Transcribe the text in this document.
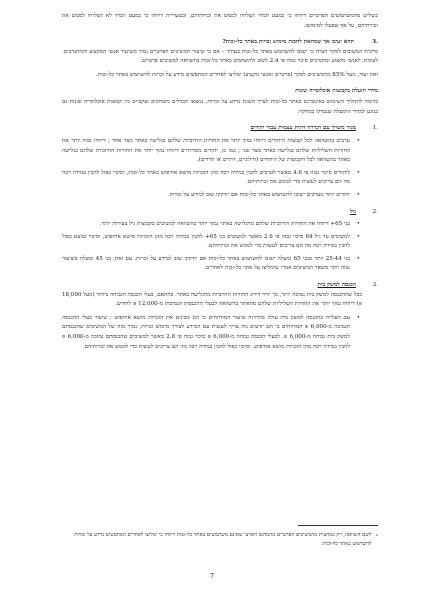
כשליש מהמשתמשים הפרטיים דיווחו כי כמעט תמיד הצליחו לממש את זכויותיהם, ובעשירית דיווחו כי כמעט תמיד לא הצליחו לממש את זכויותיהם, על אף שפעלו למימושן.

.3
תהא יעיבו אך שמחאת לחכות מימוש זכויות באתר כל-זכות?

מרבית המשיבים לסקר העידו כי ישובו להשתמש באתר כל-זכות בעתיד – אם כי שיעור המשיבים הפרטיים נמוך משיעור אנשי המקצוע והמתנדבים. לעומת, לאנשי מקצוע ומתנדבים סיכוי גבוה פי 2.4 לשוב ולהשתמש באתר כל-זכות בהשוואה למשיבים פרטיים.

זאת ועוד, מעל 85% מהמשיבים לסקר (פרטיים ואנשי מקצוע) ימליצו לאחרים המתפשים מידע על זכויות להשתמש באתר כל-זכות.

מדדי תועלת בקבוצות אוכלוסייה שונות

בדומה לתהליך השימוש באינטרנט באתר כל-זכות לצרך השגת מידע על זכויות, נמצאו הבדלים מובהקים ועקביים בין קבוצות אוכלוסייה שונות גם בנוגע למדדי התועלת שנבדקו במחקר:

.1
מגזר משויך עם הגדרה דתית עצמית עבור יהודים
• ערבים בהשוואה לכל קבוצות היהודים דיווחו נמוך יותר את החוויות החיוביות שלהם בגלישה באתר מצד אחד ; דיווחו גבוה יותר את החוויות השליליות שלהם בגלישה באתר מצד שני ; כמו כן, יהודים מסורתיים דיווחו נמוך יותר את החוויות החיוביות שלהם בגלישה באתר בהשוואה לכל הקבוצות של היהודים (חילוניים, דתיים או חרדים).
• ליהודים סיכוי גבוה פי 4.6 מאשר לערבים להבין במידה רבה מהן הזכויות מושא אחיפוש באתר כל-זכות, וסיכוי כפול להבין במידה רבה מה הם צריכים לעשות כדי לממש את זכויותיהם.
• יהודים יותר מערבים ישובו להשתמש באתר כל-זכות אם יזדקקו שוב למידע על זכויות.
.2
גיל
• בני 65+ דיווחו את החוויות החיוביות שלהם מהגלישה באתר נמוך יותר בהשוואה למשיבים בקבוצות גיל צעירות יותר.
• למשיבים עד גיל 64 סיכוי גבוה פי 2.6 מאשר למשיבים בני 65+ להבין במידה רבה מהן הזכויות מושא אחיפוש, וסיכוי כמעט כפול להבין במידה רבה מה הם צריכים לעשות כדי לממש את זכויותיהם.
• בני 25-44 יותר מבני 65 ומעלה ישובו להשתמש באתר כל-זכות אם יזדקקו שוב למידע על זכויות. עם זאת, בני 45 ומעלה בשיעור גבוה יותר משאר המשיבים אמרו שימליצו על אתר כל-זכות לאחרים.
.3
הכנסה למשק בית

ככל שההכנסה למשק בית נמוכה יותר, כך יורד דירוג החוויות החיוביות מהגלישה באתר. בהתאם, בעלי הכנסה הגבוהה ביותר (מעל 18,000 ₪) דיווחו נמוך יותר את החוויות השליליות שלהם מהאתר בהשוואה לבעלי ההכנסות הנמוכות מ-12,000 ₪ לחודש.

• עם העלייה בהכנסה למשק בית עולה בהדרגה שיעור המודווחים כי הם מבינים את הזכויות מושא אחיפוש ; שיעור בעלי ההכנסה הנמוכה מ-6,000 ₪ המדווחים כי הם יודעים מה צריך לעשות עם המידע לצורך מימוש זכויות, נמוך מזה של המשיבים שהכנסתם למשק בית גבוהה מ-6,000 ₪. לבעלי הכנסה גבוהה מ-6,000 ₪ סיכוי גבוה פי 2.8 מאשר למשיבים שהכנסתם נמוכה מ-6,000 ₪ להבין במידה רבה מהן הזכויות מושא אחיפוש, וסיכוי כפול להבין במידה רבה מה הם צריכים לעשות כדי לממש את זכויותיהם.
2
לשם השוואה, רק כמחצית מהמשיבים הפרטיים מהמדגם הארצי שאינם משתמשים באתר כל-זכות דיווחו כי ימליצו לאחרים המתפשים מידע על זכויות להשתמש באתר כל-זכות.
7
